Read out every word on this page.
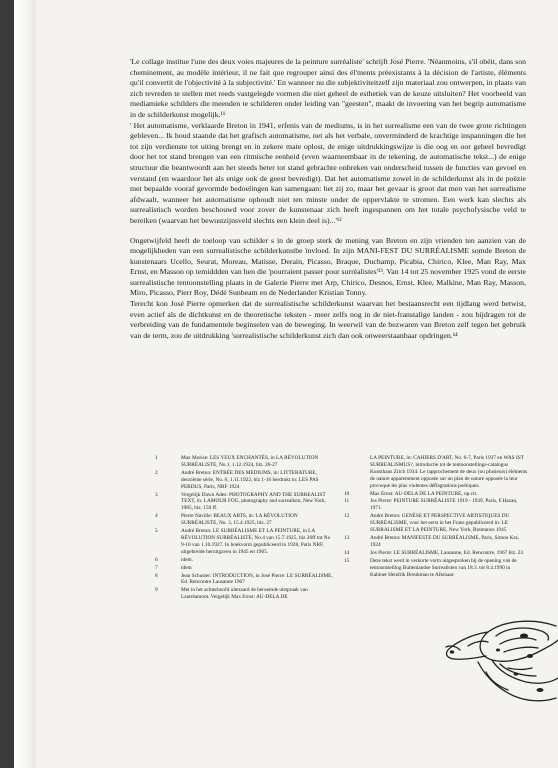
'Le collage institue l'une des deux voies majeures de la peinture surréaliste' schrijft José Pierre. 'Néanmoins, s'il obéit, dans son cheminement, au modèle intérieur, il ne fait que regrouper ainsi des él'ments préexistants à la décision de l'artiste, éléments qu'il convertit de l'objectivité à la subjectivité.' En wanneer nu die subjektiviteitzelf zijn materiaal zou ontwerpen, in plaats van zich tevreden te stellen met reeds vastgelegde vormen die niet geheel de esthetiek van de keuze uitsluiten? Het voorbeeld van mediamieke schilders die meenden te schilderen onder leiding van "geesten", maakt de invoering van het begrip automatisme in de schilderkunst mogelijk.¹¹

' Het automatisme, verklaarde Breton in 1941, erfenis van de mediums, is in het surrealisme een van de twee grote richtingen gebleven... Ik houd staande dat het grafisch automatisme, net als het verbale, onverminderd de krachtige inspanningen die het tot zijn verdienste tot uiting brengt en in zekere mate oplost, de enige uitdrukkingswijze is die oog en oor geheel bevredigt door het tot stand brengen van een ritmische eenheid (even waarneembaar in de tekening, de automatische tekst...) de enige structuur die beantwoordt aan het steeds beter tot stand gebrachte onbreken van onderscheid tussen de functies van gevoel en verstand (en waardoor het als enige ook de geest bevredigt). Dat het automatisme zowel in de schilderkunst als in de poëzie met bepaalde vooraf gevormde bedoelingen kan samengaan: het zij zo, maar het gevaar is groot dat men van het surrealisme afdwaalt, wanneer het automatisme ophoudt niet ten minste onder de oppervlakte te stromen. Een werk kan slechts als surrealistisch worden beschouwd voor zover de kunstenaar zich heeft ingespannen om het totale psychofysische veld te bereiken (waarvan het bewustzijnsveld slechts een klein deel is)...'¹²

Ongetwijfeld heeft de toeloop van schilder s in de groep sterk de mening van Breton en zijn vrienden ten aanzien van de mogelijkheden van een surrealistische schilderkunstbe ïnvloed. In zijn MANI-FEST DU SURRÉALISME somde Breton de kunstenaars Ucello, Seurat, Moreau, Matisse, Derain, Picasso, Braque, Duchamp, Picabia, Chirico, Klee, Man Ray, Max Ernst, en Masson op temiddden van hen die 'pourraient passer pour surréalistes'¹³. Van 14 tot 25 november 1925 vond de eerste surrealistische tentoonstelling plaats in de Galerie Pierre met Arp, Chirico, Desnos, Ernst, Klee, Malkine, Man Ray, Masson, Miro, Picasso, Pierr Roy, Dédé Sunbeam en de Nederlander Kristian Tonny.

Terecht kon José Pierre opmerken dat de surrealistische schilderkunst waarvan het bestaansrecht een tijdlang werd betwist, even actief als de dichtkunst en de theoretische teksten - meer zelfs nog in de niet-franstalige landen - zou bijdragen tot de verbreiding van de fundamentele beginselen van de beweging. In weerwil van de bezwaren van Breton zelf tegen het gebruik van de term, zou de uitdrukking 'surrealistische schilderkunst zich dan ook onweerstaanbaar opdringen.¹⁴

1	Max Morise: LES YEUX ENCHANTÉS, in LA RÉVOLUTION SURRÉALISTE, No.1, 1.12.1924, blz. 26-27
2	André Breton: ENTRÉE DES MEDIUMS, in: LITTERATURE, deuxième série, No. 6, 1.11.1922, blz 1-16 herdrukt in: LES PAS PERDUS, Paris, NRF 1924
3	Vergelijk Dawn Ades: PHOTOGRAPHY AND THE SURREALIST TEXT, in: LAMOUR FOU, photography and surrealism, New York, 1985, blz. 159 ff.
4	Pierre Naville: BEAUX ARTS, in: LA RÉVOLUTION SURRÉALISTE, No. 3, 15.4.1925, blz. 27
5	André Breton: LE SURRÉALISME ET LA PEINTURE, in LA RÉVOLUTION SURRÉALISTE, No.4 van 15.7.1925, blz 26ff tot No 9-10 van 1.10.1927. In boekvorm gepubliceerd in 1928, Paris NRF, uitgebreide heruitgaven in 1945 en 1965.
6	idem.
7	idem
8	Jean Schuster: INTRODUCTION, in José Pierre: LE SURRÉALISME, Ed. Rencontre Lausanne 1967
9	Met in het achterhoofd uiteraard de beroemde uitspraak van Lautréamont. Vergelijk Max Ernst: AU-DELA DE
LA PEINTURE, in: CAHIERS D'ART, No. 6-7, Paris 1937 en WAS IST SURREALISMUS?, introductie tot de tentoonstellings-catalogus Kunsthaus Zrich 1934: Le rapprochement de deux (ou plusieurs) éléments de nature apparemment opposée sur un plan de nature opposée la leur provoque les plus violentes déflagrations poétiques.
10	Max Ernst: AU-DELA DE LA PEINTURE, op.cit.
11	Jos Pierre: PEINTURE SURRÉALISTE 1919 - 1939, Paris, F.Hazan, 1971.
12	André Breton: GENÈSE ET PERSPECTIVE ARTISTIQUES DU SURRÉALISME, voor het eerst in het Frans gepubliceerd in: LE SURRALISME ET LA PEINTURE, New York, Brentanos 1945
13	André Breton: MANIFESTE DU SURRÉALISME, Paris, Simon Kra, 1924
14	Jos Pierre: LE SURRÉALISME, Lausanne, Ed. Rencontre, 1967 blz. 23
15	Deze tekst werd in verkorte vorm uitgesproken bij de opening van de tentoonstelling Buitenlandse Surrealisten van 18.3. tot 8.4.1990 in Kabinet Hendrik Breukman te Alkmaar.
